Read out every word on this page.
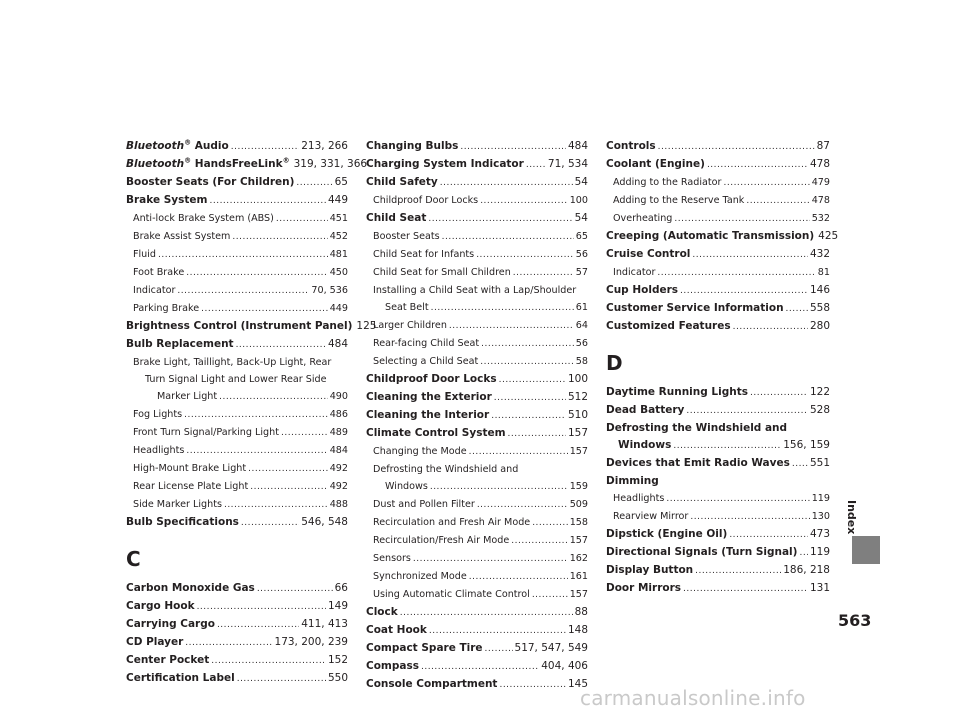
Bluetooth® Audio .....	213, 266
Bluetooth® HandsFreeLink® 319, 331, 366
Booster Seats (For Children) .....	65
Brake System .....	449
Anti-lock Brake System (ABS) .....	451
Brake Assist System .....	452
Fluid .....	481
Foot Brake .....	450
Indicator .....	70, 536
Parking Brake .....	449
Brightness Control (Instrument Panel) 125
Bulb Replacement .....	484
Brake Light, Taillight, Back-Up Light, Rear
Turn Signal Light and Lower Rear Side
Marker Light .....	490
Fog Lights .....	486
Front Turn Signal/Parking Light .....	489
Headlights .....	484
High-Mount Brake Light .....	492
Rear License Plate Light .....	492
Side Marker Lights .....	488
Bulb Specifications .....	546, 548
C
Carbon Monoxide Gas .....	66
Cargo Hook .....	149
Carrying Cargo .....	411, 413
CD Player .....	173, 200, 239
Center Pocket .....	152
Certification Label .....	550
Changing Bulbs .....	484
Charging System Indicator ..... 71, 534
Child Safety .....	54
Childproof Door Locks .....	100
Child Seat .....	54
Booster Seats .....	65
Child Seat for Infants .....	56
Child Seat for Small Children .....	57
Installing a Child Seat with a Lap/Shoulder
Seat Belt .....	61
Larger Children .....	64
Rear-facing Child Seat .....	56
Selecting a Child Seat .....	58
Childproof Door Locks .....	100
Cleaning the Exterior .....	512
Cleaning the Interior .....	510
Climate Control System .....	157
Changing the Mode .....	157
Defrosting the Windshield and
Windows .....	159
Dust and Pollen Filter .....	509
Recirculation and Fresh Air Mode .....	158
Recirculation/Fresh Air Mode .....	157
Sensors .....	162
Synchronized Mode .....	161
Using Automatic Climate Control .....	157
Clock .....	88
Coat Hook .....	148
Compact Spare Tire .....	517, 547, 549
Compass .....	404, 406
Console Compartment .....	145
Controls .....	87
Coolant (Engine) .....	478
Adding to the Radiator .....	479
Adding to the Reserve Tank .....	478
Overheating .....	532
Creeping (Automatic Transmission) 425
Cruise Control .....	432
Indicator .....	81
Cup Holders .....	146
Customer Service Information .....	558
Customized Features .....	280
D
Daytime Running Lights .....	122
Dead Battery .....	528
Defrosting the Windshield and
Windows .....	156, 159
Devices that Emit Radio Waves ..... 551
Dimming
Headlights .....	119
Rearview Mirror .....	130
Dipstick (Engine Oil) .....	473
Directional Signals (Turn Signal) ..... 119
Display Button .....	186, 218
Door Mirrors .....	131
Index
563
carmanualsonline.info
